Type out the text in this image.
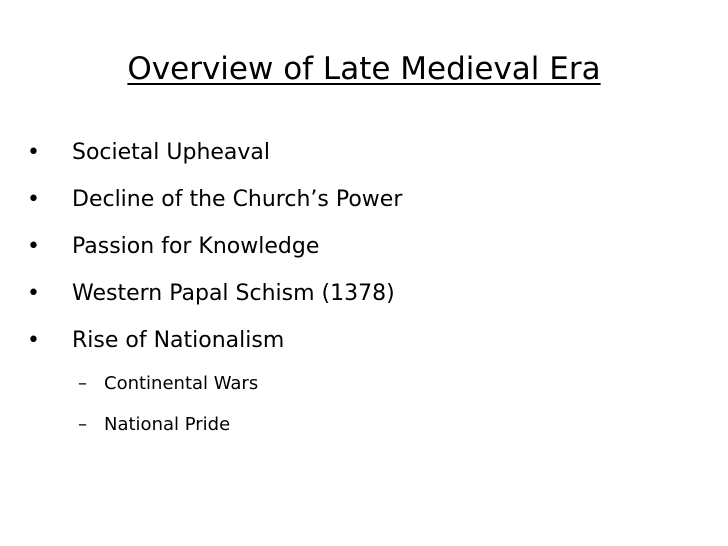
Overview of Late Medieval Era
• Societal Upheaval
• Decline of the Church’s Power
• Passion for Knowledge
• Western Papal Schism (1378)
• Rise of Nationalism
– Continental Wars
– National Pride
